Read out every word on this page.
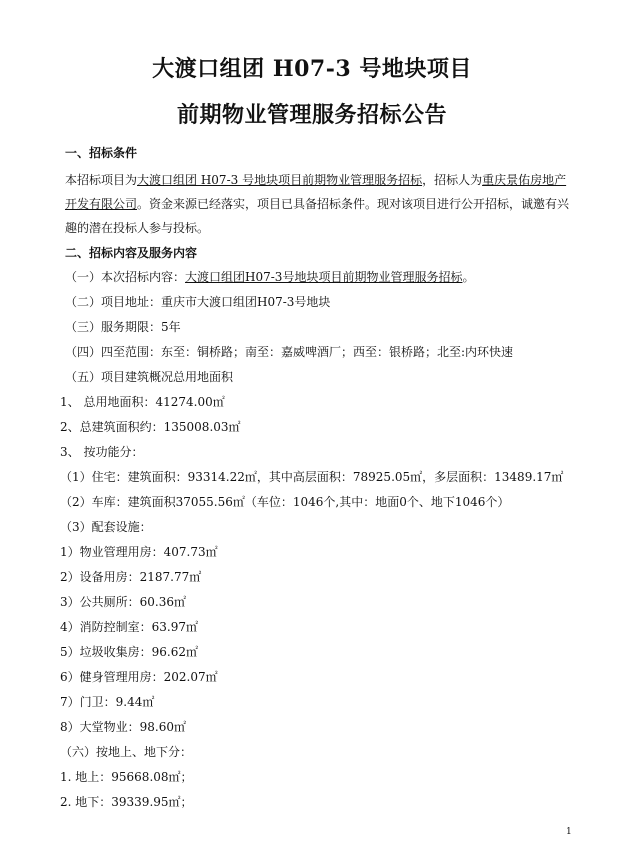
大渡口组团 H07-3 号地块项目
前期物业管理服务招标公告
一、招标条件
本招标项目为大渡口组团 H07-3 号地块项目前期物业管理服务招标，招标人为重庆景佑房地产开发有限公司。资金来源已经落实，项目已具备招标条件。现对该项目进行公开招标，诚邀有兴趣的潜在投标人参与投标。
二、招标内容及服务内容
（一）本次招标内容：大渡口组团H07-3号地块项目前期物业管理服务招标。
（二）项目地址：重庆市大渡口组团H07-3号地块
（三）服务期限：5年
（四）四至范围：东至：铜桥路；南至：嘉威啤酒厂；西至：银桥路；北至:内环快速
（五）项目建筑概况总用地面积
1、 总用地面积：41274.00㎡
2、总建筑面积约：135008.03㎡
3、 按功能分：
（1）住宅：建筑面积：93314.22㎡，其中高层面积：78925.05㎡，多层面积：13489.17㎡
（2）车库：建筑面积37055.56㎡（车位：1046个,其中：地面0个、地下1046个）
（3）配套设施：
1）物业管理用房：407.73㎡
2）设备用房：2187.77㎡
3）公共厕所：60.36㎡
4）消防控制室：63.97㎡
5）垃圾收集房：96.62㎡
6）健身管理用房：202.07㎡
7）门卫：9.44㎡
8）大堂物业：98.60㎡
（六）按地上、地下分：
1. 地上：95668.08㎡；
2. 地下：39339.95㎡；
1
